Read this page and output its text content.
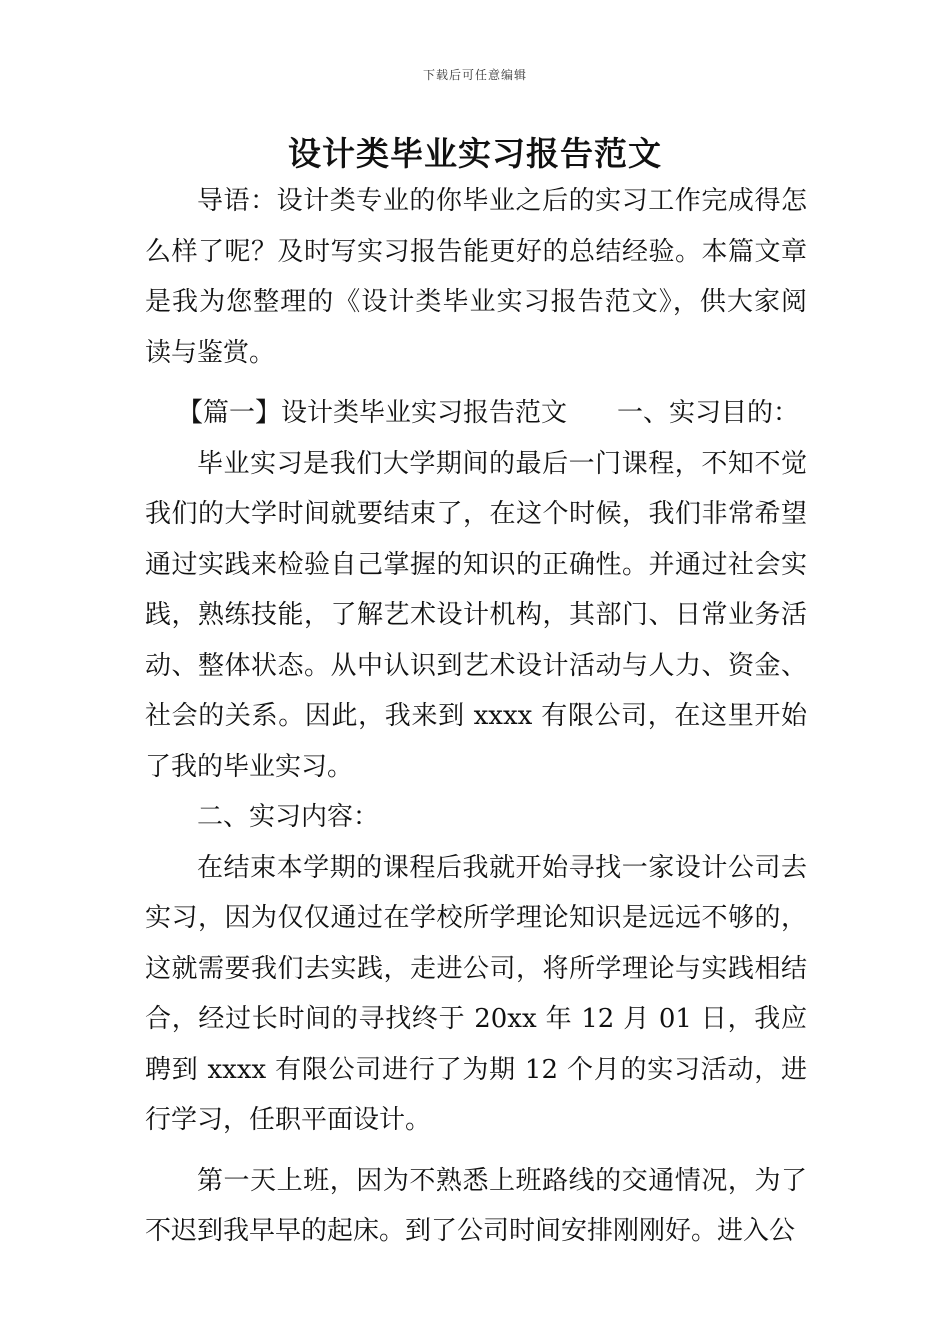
下载后可任意编辑
设计类毕业实习报告范文

导语：设计类专业的你毕业之后的实习工作完成得怎么样了呢？及时写实习报告能更好的总结经验。本篇文章是我为您整理的《设计类毕业实习报告范文》，供大家阅读与鉴赏。

【篇一】设计类毕业实习报告范文 一、实习目的：

毕业实习是我们大学期间的最后一门课程，不知不觉我们的大学时间就要结束了，在这个时候，我们非常希望通过实践来检验自己掌握的知识的正确性。并通过社会实践，熟练技能，了解艺术设计机构，其部门、日常业务活动、整体状态。从中认识到艺术设计活动与人力、资金、社会的关系。因此，我来到 xxxx 有限公司，在这里开始了我的毕业实习。

二、实习内容：

在结束本学期的课程后我就开始寻找一家设计公司去实习，因为仅仅通过在学校所学理论知识是远远不够的，这就需要我们去实践，走进公司，将所学理论与实践相结合，经过长时间的寻找终于 20xx 年 12 月 01 日，我应聘到 xxxx 有限公司进行了为期 12 个月的实习活动，进行学习，任职平面设计。

第一天上班，因为不熟悉上班路线的交通情况，为了不迟到我早早的起床。到了公司时间安排刚刚好。进入公
